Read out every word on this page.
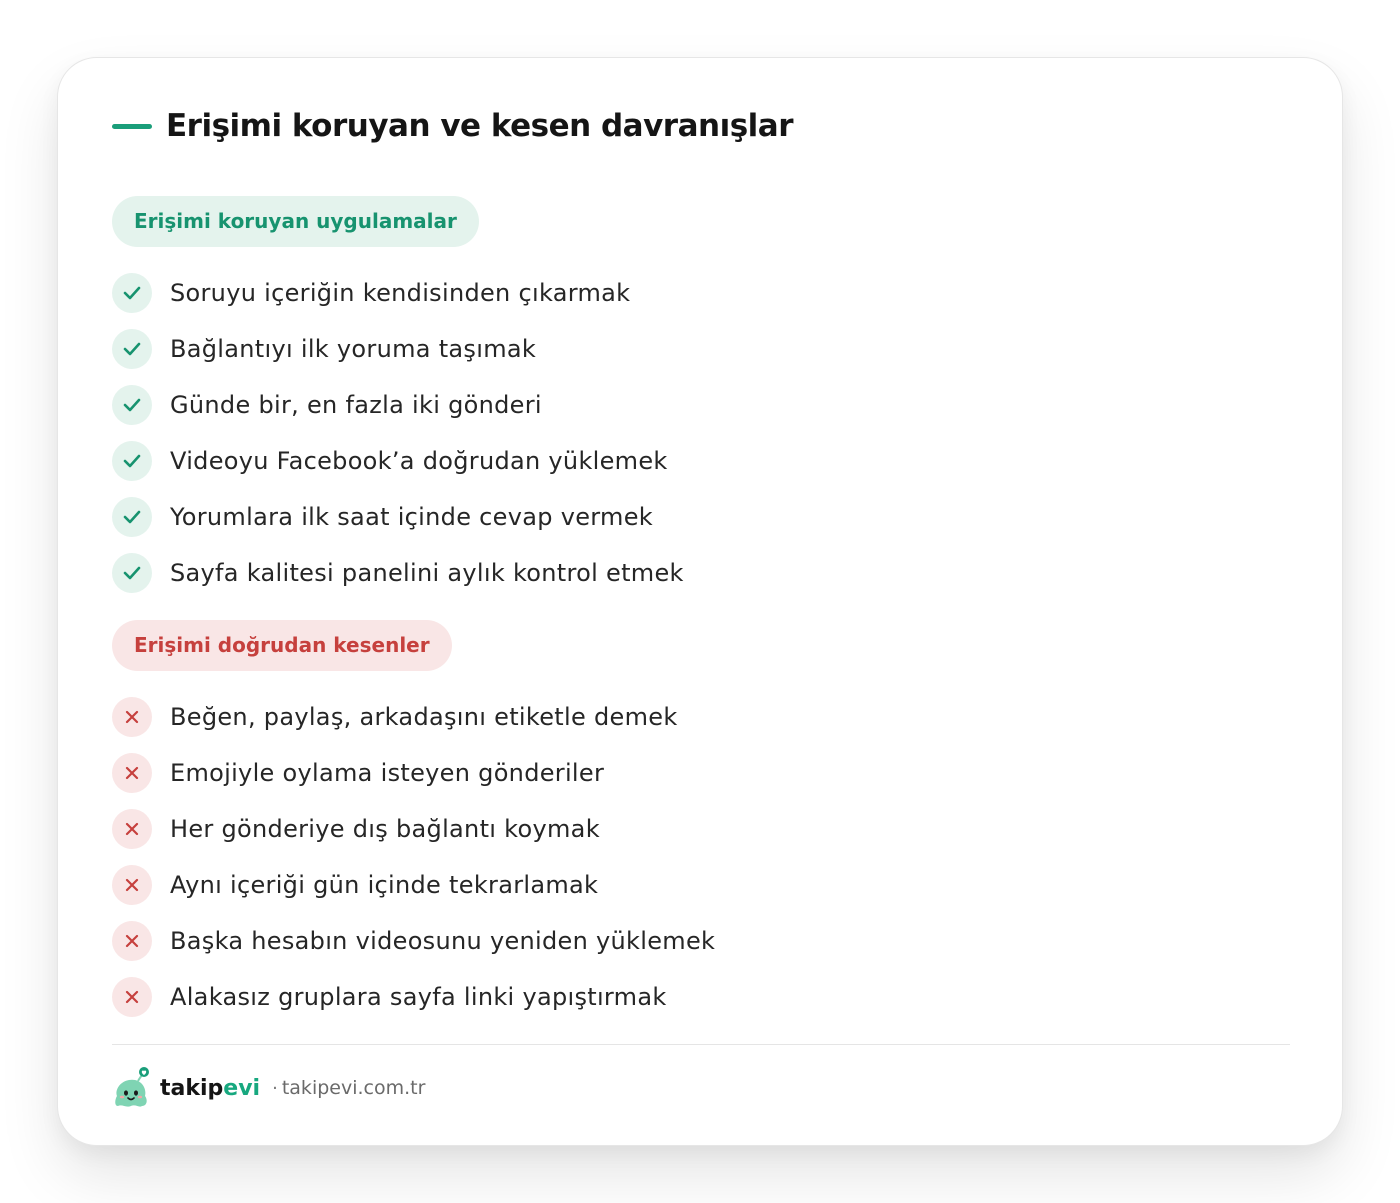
Erişimi koruyan ve kesen davranışlar
Erişimi koruyan uygulamalar
Soruyu içeriğin kendisinden çıkarmak
Bağlantıyı ilk yoruma taşımak
Günde bir, en fazla iki gönderi
Videoyu Facebook’a doğrudan yüklemek
Yorumlara ilk saat içinde cevap vermek
Sayfa kalitesi panelini aylık kontrol etmek
Erişimi doğrudan kesenler
Beğen, paylaş, arkadaşını etiketle demek
Emojiyle oylama isteyen gönderiler
Her gönderiye dış bağlantı koymak
Aynı içeriği gün içinde tekrarlamak
Başka hesabın videosunu yeniden yüklemek
Alakasız gruplara sayfa linki yapıştırmak
takip evi · takipevi.com.tr
